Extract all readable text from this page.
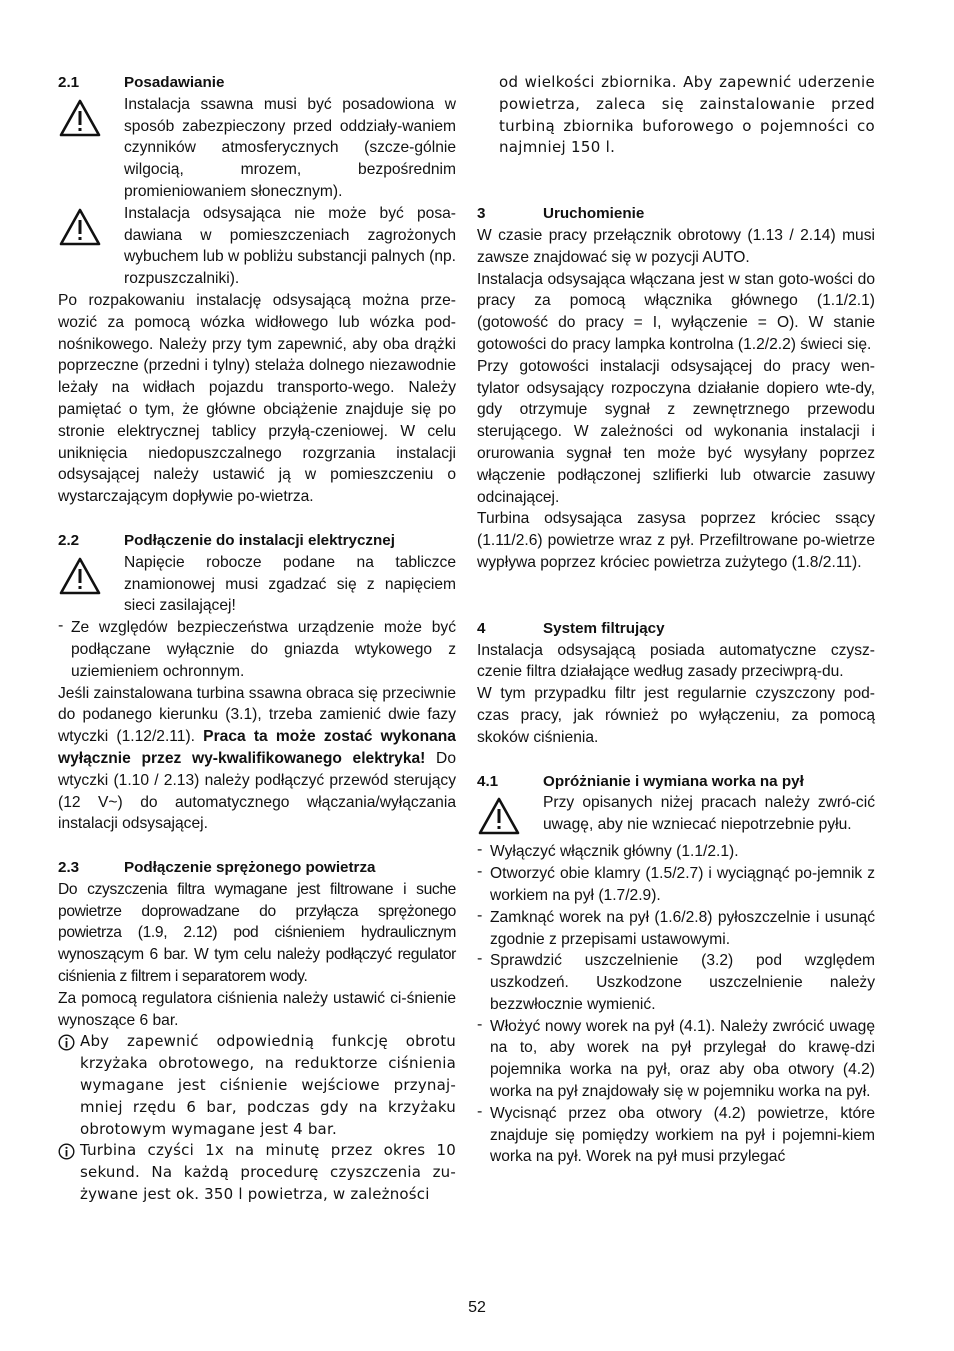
2.1	Posadawianie

Instalacja ssawna musi być posadowiona w sposób zabezpieczony przed oddziały-waniem czynników atmosferycznych (szcze-gólnie wilgocią, mrozem, bezpośrednim promieniowaniem słonecznym).

Instalacja odsysająca nie może być posa-dawiana w pomieszczeniach zagrożonych wybuchem lub w pobliżu substancji palnych (np. rozpuszczalniki).

Po rozpakowaniu instalację odsysającą można prze-wozić za pomocą wózka widłowego lub wózka pod-nośnikowego. Należy przy tym zapewnić, aby oba drążki poprzeczne (przedni i tylny) stelaża dolnego niezawodnie leżały na widłach pojazdu transporto-wego. Należy pamiętać o tym, że główne obciążenie znajduje się po stronie elektrycznej tablicy przyłą-czeniowej. W celu uniknięcia niedopuszczalnego rozgrzania instalacji odsysającej należy ustawić ją w pomieszczeniu o wystarczającym dopływie po-wietrza.

2.2	Podłączenie do instalacji elektrycznej

Napięcie robocze podane na tabliczce znamionowej musi zgadzać się z napięciem sieci zasilającej!

- Ze względów bezpieczeństwa urządzenie może być podłączane wyłącznie do gniazda wtykowego z uziemieniem ochronnym.

Jeśli zainstalowana turbina ssawna obraca się przeciwnie do podanego kierunku (3.1), trzeba zamienić dwie fazy wtyczki (1.12/2.11). Praca ta może zostać wykonana wyłącznie przez wy-kwalifikowanego elektryka! Do wtyczki (1.10 / 2.13) należy podłączyć przewód sterujący (12 V~) do automatycznego włączania/wyłączania instalacji odsysającej.

2.3	Podłączenie sprężonego powietrza

Do czyszczenia filtra wymagane jest filtrowane i suche powietrze doprowadzane do przyłącza sprężonego powietrza (1.9, 2.12) pod ciśnieniem hydraulicznym wynoszącym 6 bar. W tym celu należy podłączyć regulator ciśnienia z filtrem i separatorem wody.

Za pomocą regulatora ciśnienia należy ustawić ci-śnienie wynoszące 6 bar.

Aby zapewnić odpowiednią funkcję obrotu krzyżaka obrotowego, na reduktorze ciśnienia wymagane jest ciśnienie wejściowe przynaj-mniej rzędu 6 bar, podczas gdy na krzyżaku obrotowym wymagane jest 4 bar.
Turbina czyści 1x na minutę przez okres 10 sekund. Na każdą procedurę czyszczenia zu-żywane jest ok. 350 l powietrza, w zależności
od wielkości zbiornika. Aby zapewnić uderzenie powietrza, zaleca się zainstalowanie przed turbiną zbiornika buforowego o pojemności co najmniej 150 l.
3	Uruchomienie

W czasie pracy przełącznik obrotowy (1.13 / 2.14) musi zawsze znajdować się w pozycji AUTO.

Instalacja odsysająca włączana jest w stan goto-wości do pracy za pomocą włącznika głównego (1.1/2.1) (gotowość do pracy = I, wyłączenie = O). W stanie gotowości do pracy lampka kontrolna (1.2/2.2) świeci się.

Przy gotowości instalacji odsysającej do pracy wen-tylator odsysający rozpoczyna działanie dopiero wte-dy, gdy otrzymuje sygnał z zewnętrznego przewodu sterującego. W zależności od wykonania instalacji i orurowania sygnał ten może być wysyłany poprzez włączenie podłączonej szlifierki lub otwarcie zasuwy odcinającej.

Turbina odsysająca zasysa poprzez króciec ssący (1.11/2.6) powietrze wraz z pył. Przefiltrowane po-wietrze wypływa poprzez króciec powietrza zużytego (1.8/2.11).

4	System filtrujący

Instalacja odsysającą posiada automatyczne czysz-czenie filtra działające według zasady przeciwprą-du.

W tym przypadku filtr jest regularnie czyszczony pod-czas pracy, jak również po wyłączeniu, za pomocą skoków ciśnienia.

4.1	Opróżnianie i wymiana worka na pył

Przy opisanych niżej pracach należy zwró-cić uwagę, aby nie wzniecać niepotrzebnie pyłu.

- Wyłączyć włącznik główny (1.1/2.1).
- Otworzyć obie klamry (1.5/2.7) i wyciągnąć po-jemnik z workiem na pył (1.7/2.9).
- Zamknąć worek na pył (1.6/2.8) pyłoszczelnie i usunąć zgodnie z przepisami ustawowymi.
- Sprawdzić uszczelnienie (3.2) pod względem uszkodzeń. Uszkodzone uszczelnienie należy bezzwłocznie wymienić.
- Włożyć nowy worek na pył (4.1). Należy zwrócić uwagę na to, aby worek na pył przylegał do krawę-dzi pojemnika worka na pył, oraz aby oba otwory (4.2) worka na pył znajdowały się w pojemniku worka na pył.
- Wycisnąć przez oba otwory (4.2) powietrze, które znajduje się pomiędzy workiem na pył i pojemni-kiem worka na pył. Worek na pył musi przylegać
52
